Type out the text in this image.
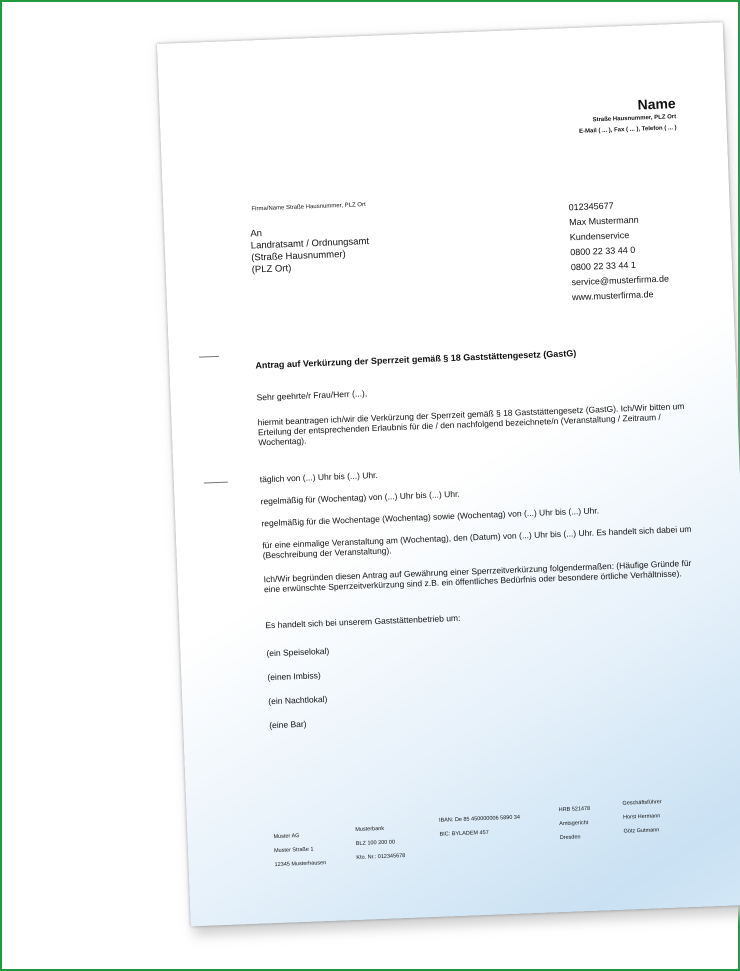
Name
Straße Hausnummer, PLZ Ort
E-Mail ( ... ), Fax ( ... ), Telefon ( ... )
Firma/Name Straße Hausnummer, PLZ Ort
An
Landratsamt / Ordnungsamt
(Straße Hausnummer)
(PLZ Ort)
012345677
Max Mustermann
Kundenservice
0800 22 33 44 0
0800 22 33 44 1
service@musterfirma.de
www.musterfirma.de
Antrag auf Verkürzung der Sperrzeit gemäß § 18 Gaststättengesetz (GastG)
Sehr geehrte/r Frau/Herr (...),
hiermit beantragen ich/wir die Verkürzung der Sperrzeit gemäß § 18 Gaststättengesetz (GastG). Ich/Wir bitten um Erteilung der entsprechenden Erlaubnis für die / den nachfolgend bezeichnete/n (Veranstaltung / Zeitraum / Wochentag).
täglich von (...) Uhr bis (...) Uhr.
regelmäßig für (Wochentag) von (...) Uhr bis (...) Uhr.
regelmäßig für die Wochentage (Wochentag) sowie (Wochentag) von (...) Uhr bis (...) Uhr.
für eine einmalige Veranstaltung am (Wochentag), den (Datum) von (...) Uhr bis (...) Uhr. Es handelt sich dabei um (Beschreibung der Veranstaltung).
Ich/Wir begründen diesen Antrag auf Gewährung einer Sperrzeitverkürzung folgendermaßen: (Häufige Gründe für eine erwünschte Sperrzeitverkürzung sind z.B. ein öffentliches Bedürfnis oder besondere örtliche Verhältnisse).
Es handelt sich bei unserem Gaststättenbetrieb um:
(ein Speiselokal)
(einen Imbiss)
(ein Nachtlokal)
(eine Bar)
Muster AG
Muster Straße 1
12345 Musterhausen
Musterbank
BLZ 100 200 00
Kto. Nr.: 012345678
IBAN: De 85 450000006 5890 34
BIC: BYLADEM 457
HRB 521478
Amtsgericht
Dresden
Geschäftsführer
Horst Hermann
Götz Gutmann
